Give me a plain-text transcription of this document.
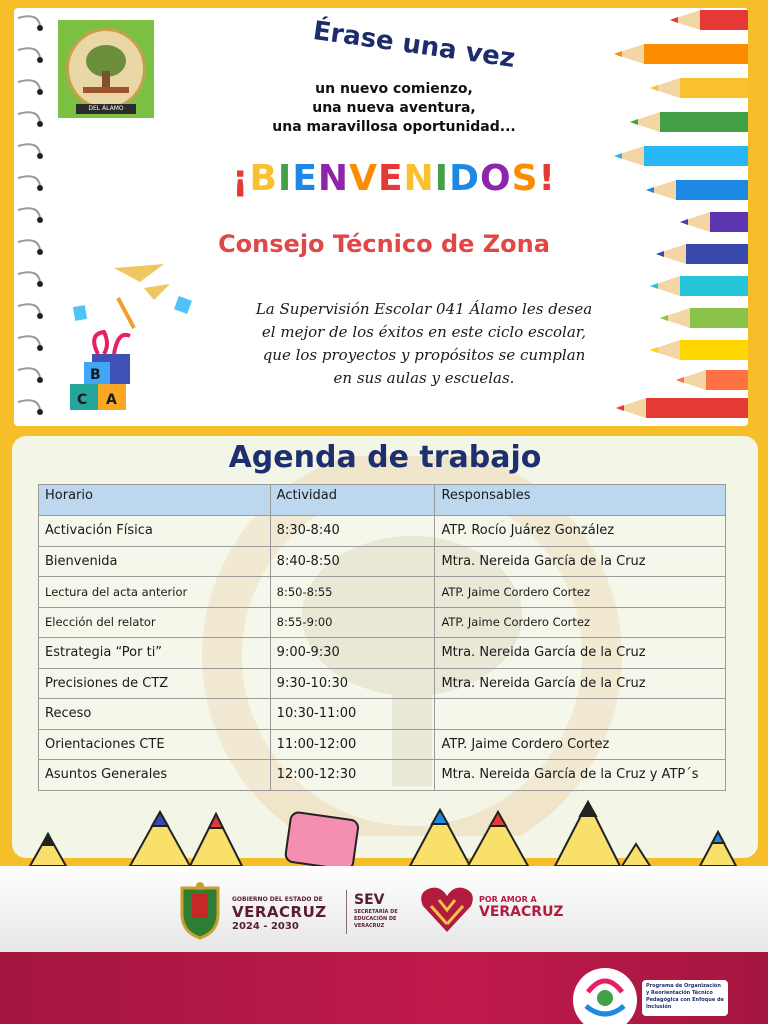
DEL ÁLAMO
Érase una vez
un nuevo comienzo,
una nueva aventura,
una maravillosa oportunidad...
¡BIENVENIDOS!
Consejo Técnico de Zona
La Supervisión Escolar 041 Álamo les desea el mejor de los éxitos en este ciclo escolar, que los proyectos y propósitos se cumplan en sus aulas y escuelas.
B
C A
Agenda de trabajo
Horario	Actividad	Responsables
Activación Física	8:30-8:40	ATP. Rocío Juárez González
Bienvenida	8:40-8:50	Mtra. Nereida García de la Cruz
Lectura del acta anterior	8:50-8:55	ATP. Jaime Cordero Cortez
Elección del relator	8:55-9:00	ATP. Jaime Cordero Cortez
Estrategia “Por ti”	9:00-9:30	Mtra. Nereida García de la Cruz
Precisiones de CTZ	9:30-10:30	Mtra. Nereida García de la Cruz
Receso	10:30-11:00	
Orientaciones CTE	11:00-12:00	ATP. Jaime Cordero Cortez
Asuntos Generales	12:00-12:30	Mtra. Nereida García de la Cruz y ATP´s
GOBIERNO DEL ESTADO DE
VERACRUZ
2024 - 2030
SEV
SECRETARÍA DE EDUCACIÓN DE VERACRUZ
POR AMOR A
VERACRUZ
Programa de Organización y Reorientación Técnico Pedagógica con Enfoque de Inclusión
